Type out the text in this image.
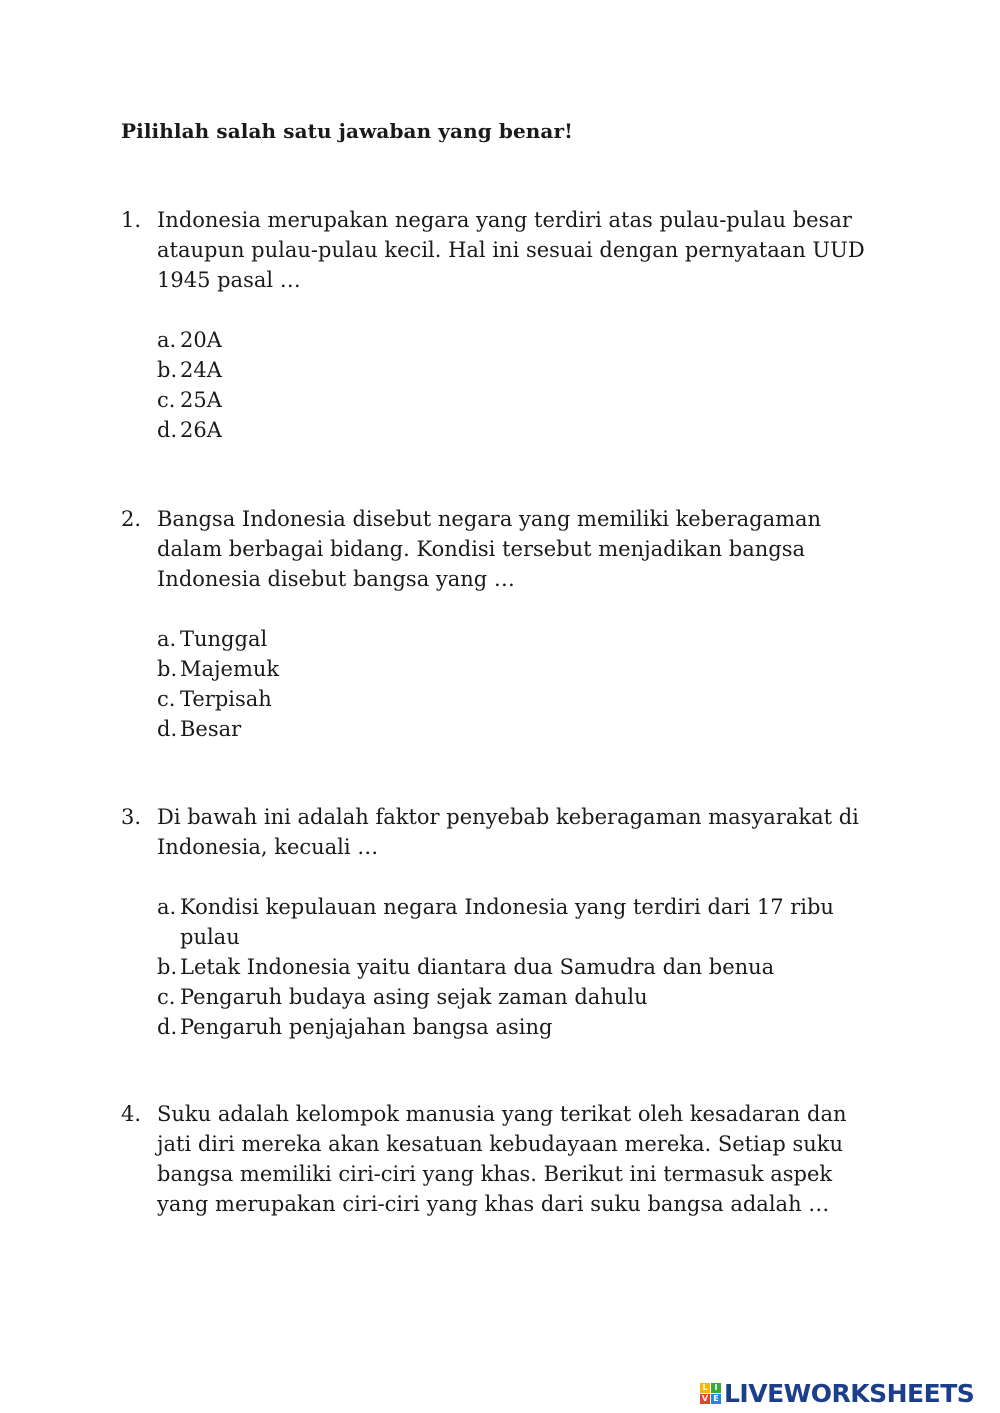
Pilihlah salah satu jawaban yang benar!
1. Indonesia merupakan negara yang terdiri atas pulau-pulau besar ataupun pulau-pulau kecil. Hal ini sesuai dengan pernyataan UUD 1945 pasal …
a. 20A
b. 24A
c. 25A
d. 26A
2. Bangsa Indonesia disebut negara yang memiliki keberagaman dalam berbagai bidang. Kondisi tersebut menjadikan bangsa Indonesia disebut bangsa yang …
a. Tunggal
b. Majemuk
c. Terpisah
d. Besar
3. Di bawah ini adalah faktor penyebab keberagaman masyarakat di Indonesia, kecuali …
a. Kondisi kepulauan negara Indonesia yang terdiri dari 17 ribu pulau
b. Letak Indonesia yaitu diantara dua Samudra dan benua
c. Pengaruh budaya asing sejak zaman dahulu
d. Pengaruh penjajahan bangsa asing
4. Suku adalah kelompok manusia yang terikat oleh kesadaran dan jati diri mereka akan kesatuan kebudayaan mereka. Setiap suku bangsa memiliki ciri-ciri yang khas. Berikut ini termasuk aspek yang merupakan ciri-ciri yang khas dari suku bangsa adalah …
L I
V E LIVEWORKSHEETS
